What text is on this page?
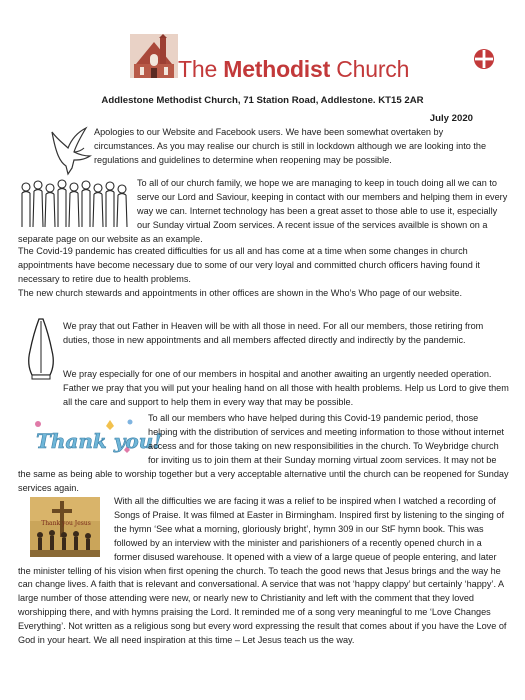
The Methodist Church
Addlestone Methodist Church, 71 Station Road, Addlestone. KT15 2AR
July 2020

Apologies to our Website and Facebook users. We have been somewhat overtaken by circumstances. As you may realise our church is still in lockdown although we are looking into the regulations and guidelines to determine when reopening may be possible.

To all of our church family, we hope we are managing to keep in touch doing all we can to serve our Lord and Saviour, keeping in contact with our members and helping them in every way we can. Internet technology has been a great asset to those able to use it, especially our Sunday virtual Zoom services. A recent issue of the services availble is shown on a separate page on our website as an example.

The Covid-19 pandemic has created difficulties for us all and has come at a time when some changes in church appointments have become necessary due to some of our very loyal and committed church officers having found it necessary to retire due to health problems.

The new church stewards and appointments in other offices are shown in the Who’s Who page of our website.

We pray that out Father in Heaven will be with all those in need. For all our members, those retiring from duties, those in new appointments and all members affected directly and indirectly by the pandemic.

We pray especially for one of our members in hospital and another awaiting an urgently needed operation. Father we pray that you will put your healing hand on all those with health problems. Help us Lord to give them all the care and support to help them in every way that may be possible.

Thank you!

To all our members who have helped during this Covid-19 pandemic period, those helping with the distribution of services and meeting information to those without internet access and for those taking on new responsibilities in the church. To Weybridge church for inviting us to join them at their Sunday morning virtual zoom services. It may not be the same as being able to worship together but a very acceptable alternative until the church can be reopened for Sunday services again.

Thank you Jesus

With all the difficulties we are facing it was a relief to be inspired when I watched a recording of Songs of Praise. It was filmed at Easter in Birmingham. Inspired first by listening to the singing of the hymn ‘See what a morning, gloriously bright’, hymn 309 in our StF hymn book. This was followed by an interview with the minister and parishioners of a recently opened church in a former disused warehouse. It opened with a view of a large queue of people entering, and later the minister telling of his vision when first opening the church. To teach the good news that Jesus brings and the way he can change lives. A faith that is relevant and conversational. A service that was not ‘happy clappy’ but certainly ‘happy’. A large number of those attending were new, or nearly new to Christianity and left with the comment that they loved worshipping there, and with hymns praising the Lord. It reminded me of a song very meaningful to me ‘Love Changes Everything’. Not written as a religious song but every word expressing the result that comes about if you have the Love of God in your heart. We all need inspiration at this time – Let Jesus teach us the way.
